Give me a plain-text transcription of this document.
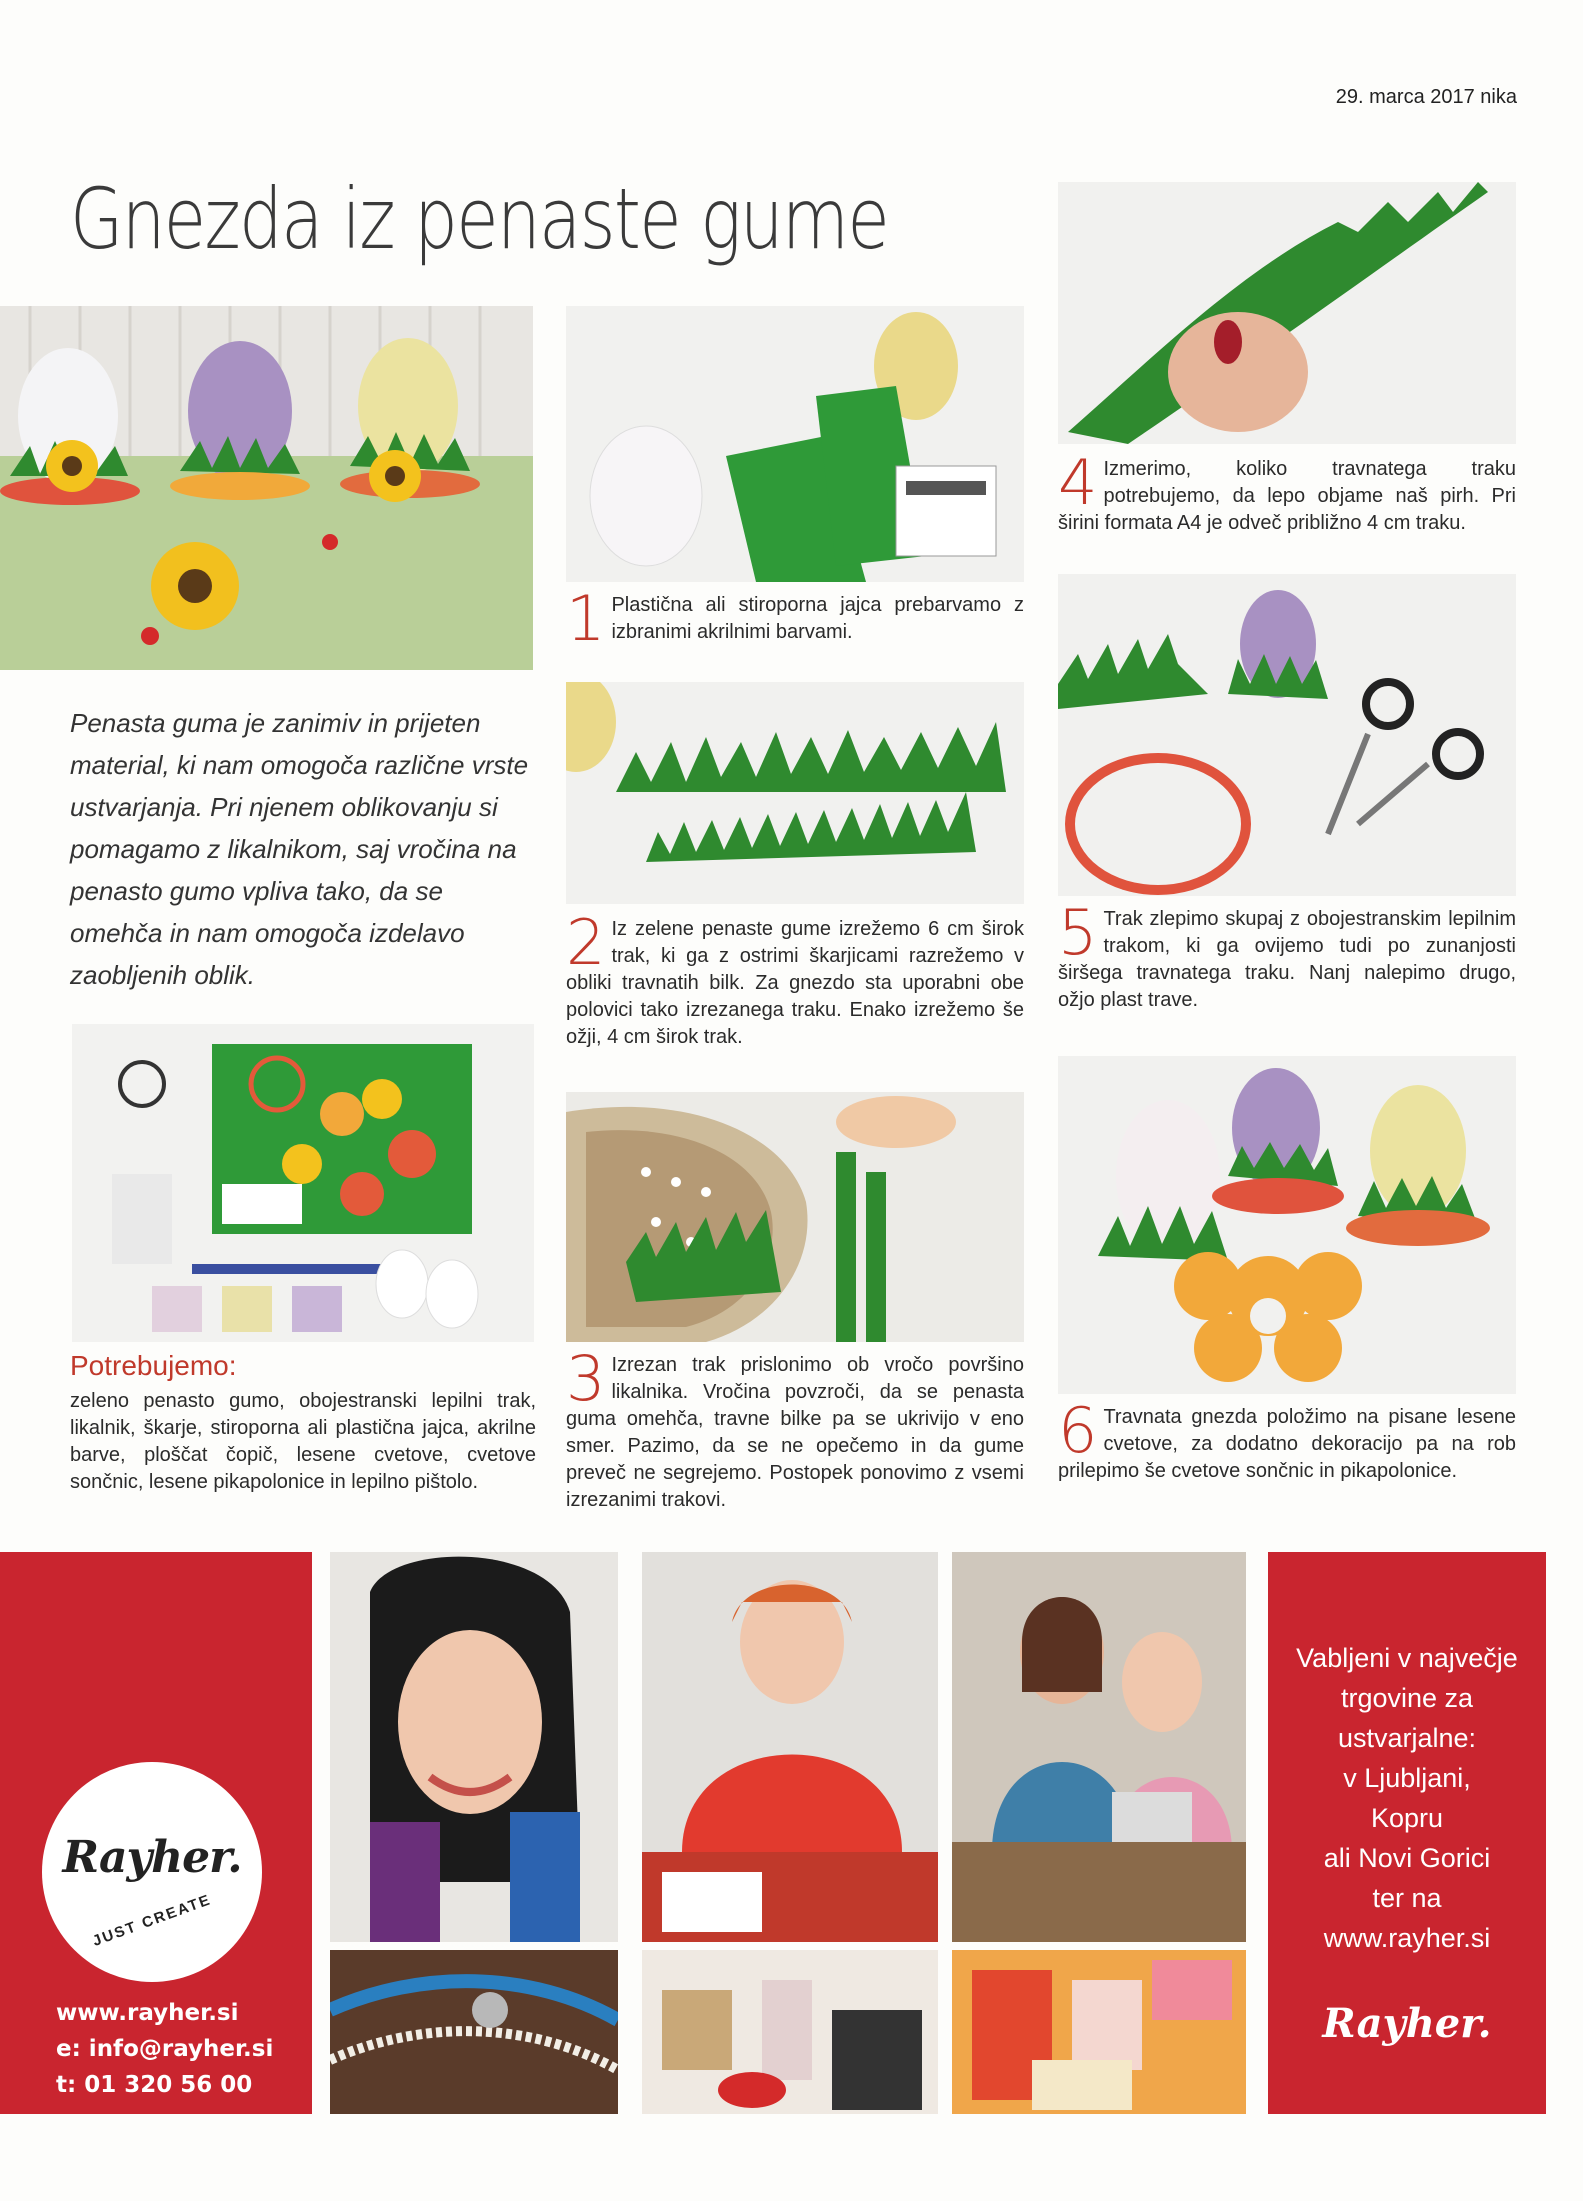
29. marca 2017 nika
Gnezda iz penaste gume
Penasta guma je zanimiv in prijeten material, ki nam omogoča različne vrste ustvarjanja. Pri njenem oblikovanju si pomagamo z likalnikom, saj vročina na penasto gumo vpliva tako, da se omehča in nam omogoča izdelavo zaobljenih oblik.
Potrebujemo:
zeleno penasto gumo, obojestranski lepilni trak, likalnik, škarje, stiroporna ali plastična jajca, akrilne barve, ploščat čopič, lesene cvetove, cvetove sončnic, lesene pikapolonice in lepilno pištolo.
1 Plastična ali stiroporna jajca prebarvamo z izbranimi akrilnimi barvami.
2 Iz zelene penaste gume izrežemo 6 cm širok trak, ki ga z ostrimi škarjicami razrežemo v obliki travnatih bilk. Za gnezdo sta uporabni obe polovici tako izrezanega traku. Enako izrežemo še ožji, 4 cm širok trak.
3 Izrezan trak prislonimo ob vročo površino likalnika. Vročina povzroči, da se penasta guma omehča, travne bilke pa se ukrivijo v eno smer. Pazimo, da se ne opečemo in da gume preveč ne segrejemo. Postopek ponovimo z vsemi izrezanimi trakovi.
4 Izmerimo, koliko travnatega traku potrebujemo, da lepo objame naš pirh. Pri širini formata A4 je odveč približno 4 cm traku.
5 Trak zlepimo skupaj z obojestranskim lepilnim trakom, ki ga ovijemo tudi po zunanjosti širšega travnatega traku. Nanj nalepimo drugo, ožjo plast trave.
6 Travnata gnezda položimo na pisane lesene cvetove, za dodatno dekoracijo pa na rob prilepimo še cvetove sončnic in pikapolonice.
Rayher.
JUST CREATE
www.rayher.si
e: info@rayher.si
t: 01 320 56 00
Vabljeni v največje
trgovine za
ustvarjalne:
v Ljubljani,
Kopru
ali Novi Gorici
ter na
www.rayher.si
Rayher.
